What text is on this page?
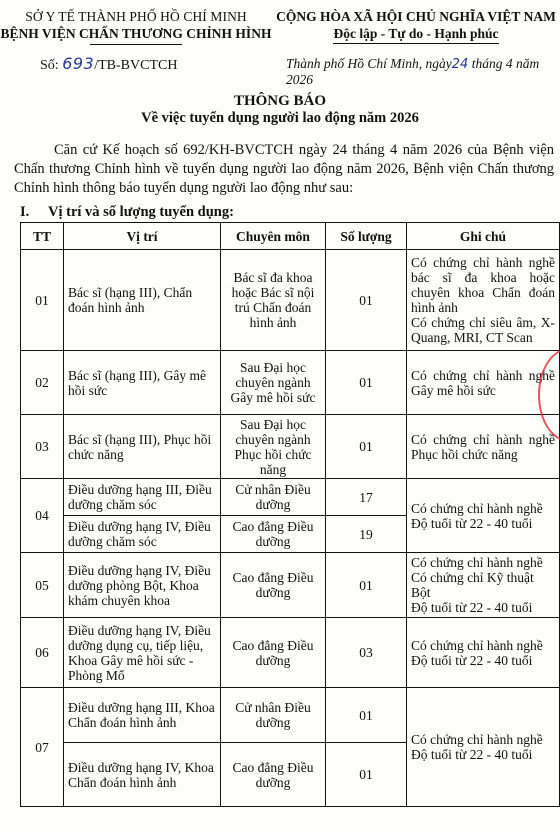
SỞ Y TẾ THÀNH PHỐ HỒ CHÍ MINH
BỆNH VIỆN CHẤN THƯƠNG CHỈNH HÌNH
CỘNG HÒA XÃ HỘI CHỦ NGHĨA VIỆT NAM
Độc lập - Tự do - Hạnh phúc
Số: 693/TB-BVCTCH	Thành phố Hồ Chí Minh, ngày24 tháng 4 năm 2026
THÔNG BÁO
Về việc tuyển dụng người lao động năm 2026
Căn cứ Kế hoạch số 692/KH-BVCTCH ngày 24 tháng 4 năm 2026 của Bệnh viện Chấn thương Chỉnh hình về tuyển dụng người lao động năm 2026, Bệnh viện Chấn thương Chỉnh hình thông báo tuyển dụng người lao động như sau:
I. Vị trí và số lượng tuyển dụng:
TT	Vị trí	Chuyên môn	Số lượng	Ghi chú
01	Bác sĩ (hạng III), Chẩn đoán hình ảnh	Bác sĩ đa khoa hoặc Bác sĩ nội trú Chẩn đoán hình ảnh	01	Có chứng chỉ hành nghề bác sĩ đa khoa hoặc chuyên khoa Chẩn đoán hình ảnh
Có chứng chỉ siêu âm, X-Quang, MRI, CT Scan

02	Bác sĩ (hạng III), Gây mê hồi sức	Sau Đại học chuyên ngành Gây mê hồi sức	01	Có chứng chỉ hành nghề Gây mê hồi sức
03	Bác sĩ (hạng III), Phục hồi chức năng	Sau Đại học chuyên ngành Phục hồi chức năng	01	Có chứng chỉ hành nghề Phục hồi chức năng
04	Điều dưỡng hạng III, Điều dưỡng chăm sóc	Cử nhân Điều dưỡng	17	Có chứng chỉ hành nghề
Độ tuổi từ 22 - 40 tuổi

	Điều dưỡng hạng IV, Điều dưỡng chăm sóc	Cao đẳng Điều dưỡng	19	
05	Điều dưỡng hạng IV, Điều dưỡng phòng Bột, Khoa khám chuyên khoa	Cao đẳng Điều dưỡng	01	Có chứng chỉ hành nghề
Có chứng chỉ Kỹ thuật Bột
Độ tuổi từ 22 - 40 tuổi

06	Điều dưỡng hạng IV, Điều dưỡng dụng cụ, tiếp liệu, Khoa Gây mê hồi sức - Phòng Mổ	Cao đẳng Điều dưỡng	03	Có chứng chỉ hành nghề
Độ tuổi từ 22 - 40 tuổi

07	Điều dưỡng hạng III, Khoa Chẩn đoán hình ảnh	Cử nhân Điều dưỡng	01	Có chứng chỉ hành nghề
Độ tuổi từ 22 - 40 tuổi

	Điều dưỡng hạng IV, Khoa Chẩn đoán hình ảnh	Cao đẳng Điều dưỡng	01	
